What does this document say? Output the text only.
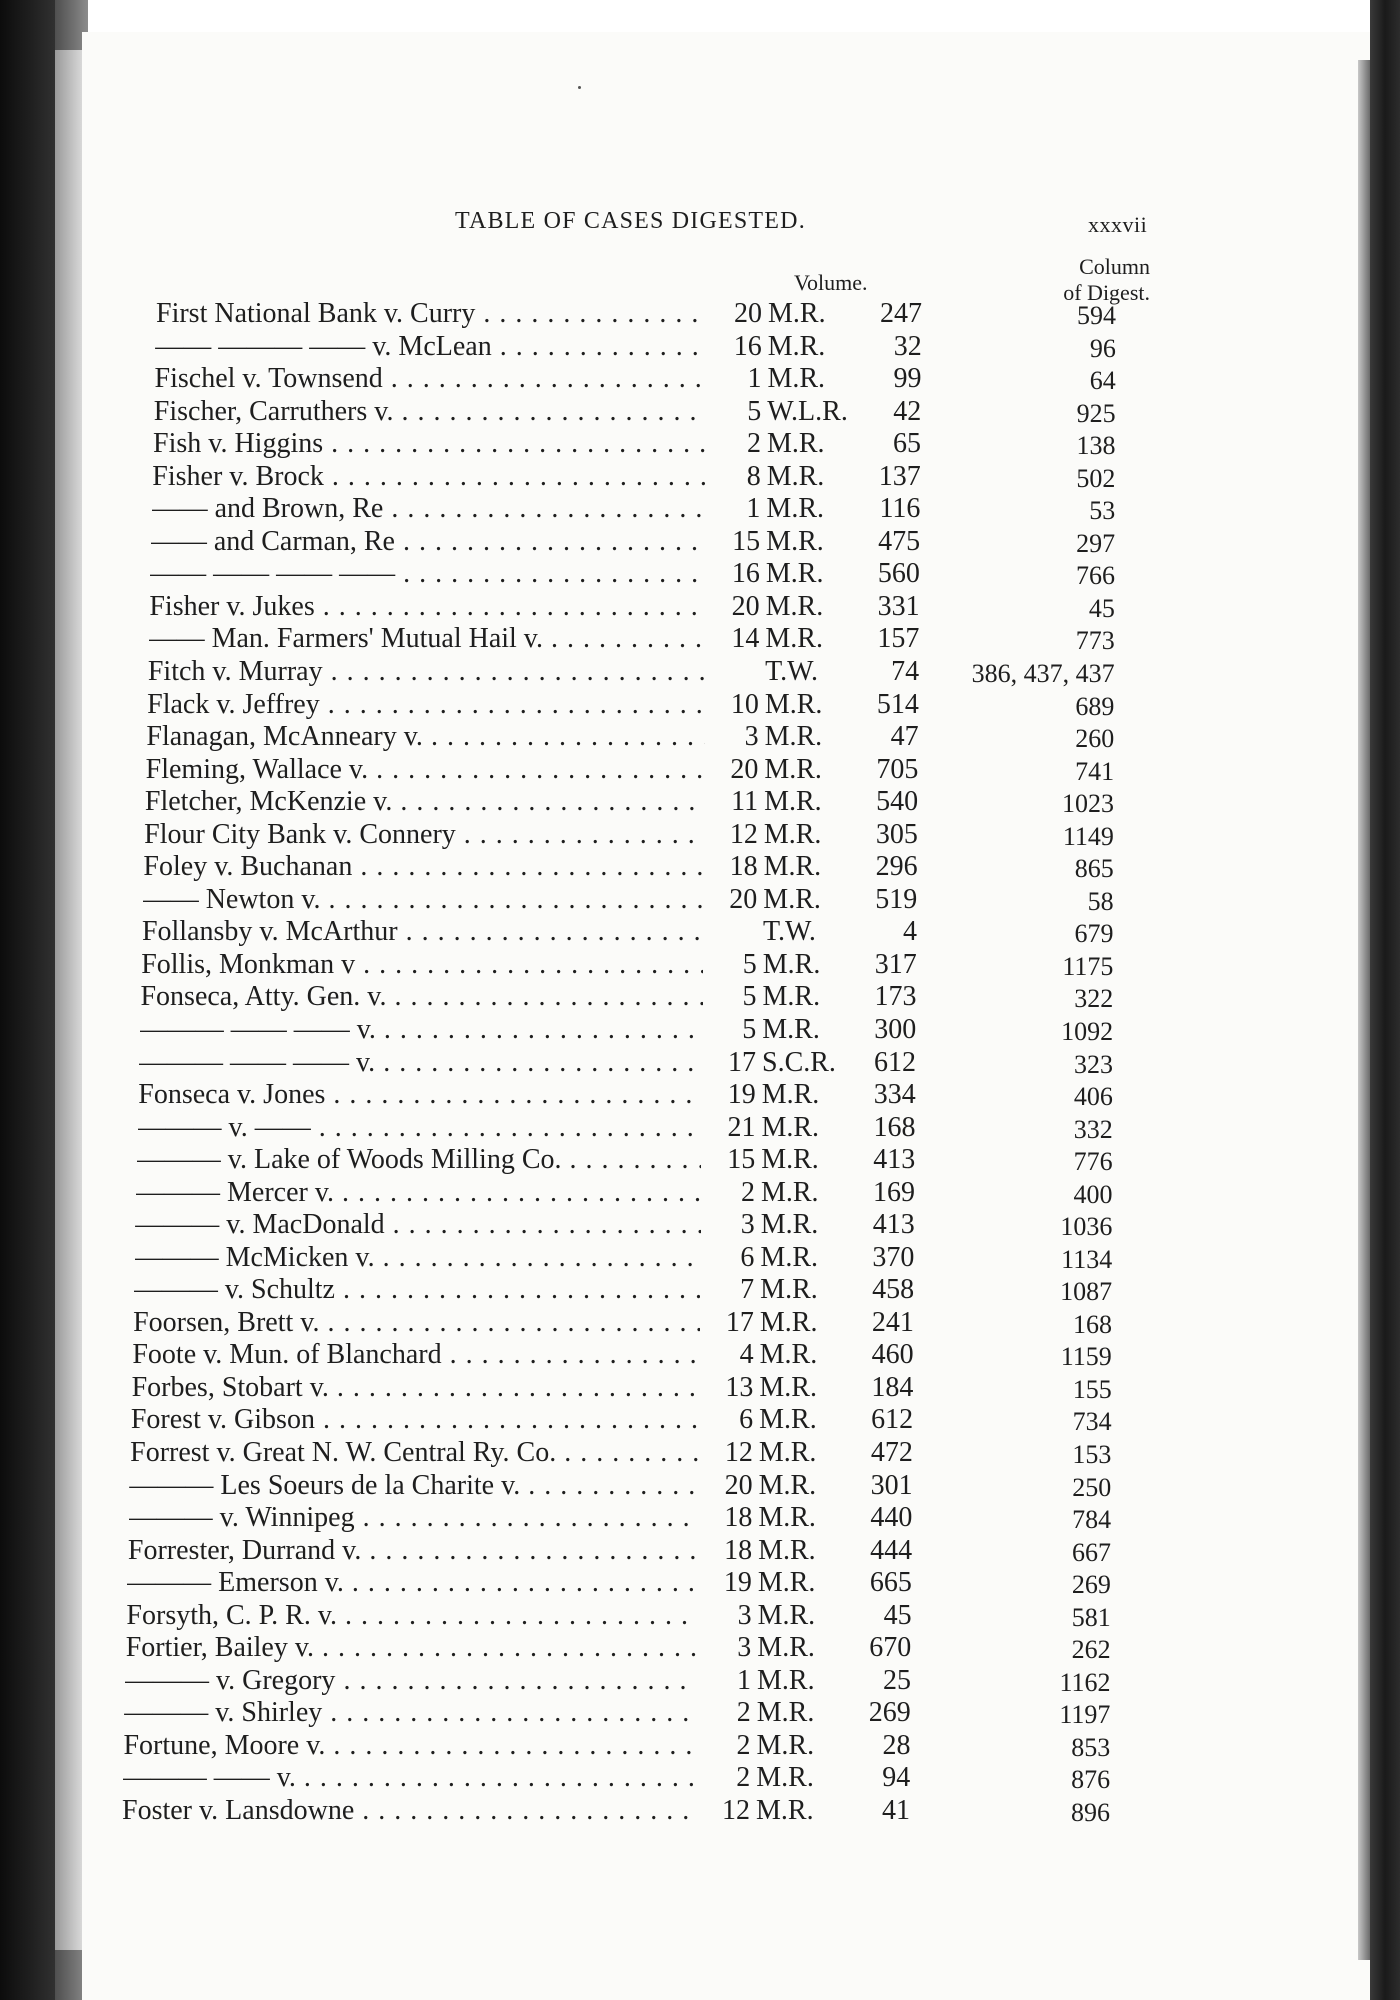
TABLE OF CASES DIGESTED.	xxxvii
Volume.
Column
of Digest.
First National Bank v. Curry . . .	20 M.R.	247	594
—— ——— —— v. McLean . . .	16 M.R.	32	96
Fischel v. Townsend . . .	1 M.R.	99	64
Fischer, Carruthers v. . . .	5 W.L.R.	42	925
Fish v. Higgins . . .	2 M.R.	65	138
Fisher v. Brock . . .	8 M.R.	137	502
—— and Brown, Re . . .	1 M.R.	116	53
—— and Carman, Re . . .	15 M.R.	475	297
—— —— —— —— . . .	16 M.R.	560	766
Fisher v. Jukes . . .	20 M.R.	331	45
—— Man. Farmers' Mutual Hail v. . . .	14 M.R.	157	773
Fitch v. Murray . . .	T.W.	74	386, 437, 437
Flack v. Jeffrey . . .	10 M.R.	514	689
Flanagan, McAnneary v. . . .	3 M.R.	47	260
Fleming, Wallace v. . . .	20 M.R.	705	741
Fletcher, McKenzie v. . . .	11 M.R.	540	1023
Flour City Bank v. Connery . . .	12 M.R.	305	1149
Foley v. Buchanan . . .	18 M.R.	296	865
—— Newton v. . . .	20 M.R.	519	58
Follansby v. McArthur . . .	T.W.	4	679
Follis, Monkman v . . .	5 M.R.	317	1175
Fonseca, Atty. Gen. v. . . .	5 M.R.	173	322
——— —— —— v. . . .	5 M.R.	300	1092
——— —— —— v. . . .	17 S.C.R.	612	323
Fonseca v. Jones . . .	19 M.R.	334	406
——— v. —— . . .	21 M.R.	168	332
——— v. Lake of Woods Milling Co. . . .	15 M.R.	413	776
——— Mercer v. . . .	2 M.R.	169	400
——— v. MacDonald . . .	3 M.R.	413	1036
——— McMicken v. . . .	6 M.R.	370	1134
——— v. Schultz . . .	7 M.R.	458	1087
Foorsen, Brett v. . . .	17 M.R.	241	168
Foote v. Mun. of Blanchard . . .	4 M.R.	460	1159
Forbes, Stobart v. . . .	13 M.R.	184	155
Forest v. Gibson . . .	6 M.R.	612	734
Forrest v. Great N. W. Central Ry. Co. . . .	12 M.R.	472	153
——— Les Soeurs de la Charite v. . . .	20 M.R.	301	250
——— v. Winnipeg . . .	18 M.R.	440	784
Forrester, Durrand v. . . .	18 M.R.	444	667
——— Emerson v. . . .	19 M.R.	665	269
Forsyth, C. P. R. v. . . .	3 M.R.	45	581
Fortier, Bailey v. . . .	3 M.R.	670	262
——— v. Gregory . . .	1 M.R.	25	1162
——— v. Shirley . . .	2 M.R.	269	1197
Fortune, Moore v. . . .	2 M.R.	28	853
——— —— v. . . .	2 M.R.	94	876
Foster v. Lansdowne . . .	12 M.R.	41	896
